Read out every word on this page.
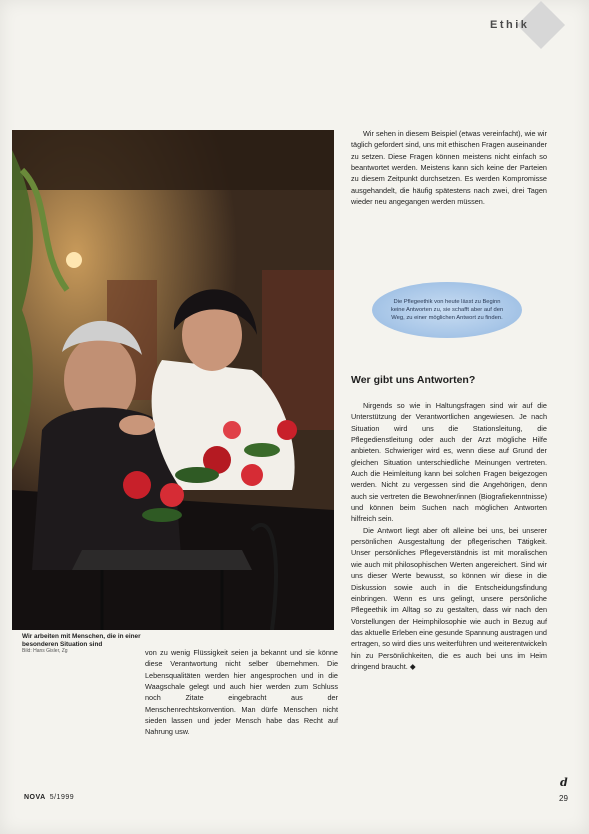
Ethik
Wir arbeiten mit Menschen, die in einer besonderen Situation sind
Bild: Hans Gisler, Zg

Wir sehen in diesem Beispiel (etwas vereinfacht), wie wir täglich gefordert sind, uns mit ethischen Fragen auseinander zu setzen. Diese Fragen können meistens nicht einfach so beantwortet werden. Meistens kann sich keine der Parteien zu diesem Zeitpunkt durchsetzen. Es werden Kompromisse ausgehandelt, die häufig spätestens nach zwei, drei Tagen wieder neu angegangen werden müssen.

Die Pflegeethik von heute lässt zu Beginn keine Antworten zu, sie schafft aber auf den Weg, zu einer möglichen Antwort zu finden.
Wer gibt uns Antworten?

Nirgends so wie in Haltungsfragen sind wir auf die Unterstützung der Verantwortlichen angewiesen. Je nach Situation wird uns die Stationsleitung, die Pflegedienstleitung oder auch der Arzt mögliche Hilfe anbieten. Schwieriger wird es, wenn diese auf Grund der gleichen Situation unterschiedliche Meinungen vertreten. Auch die Heimleitung kann bei solchen Fragen beigezogen werden. Nicht zu vergessen sind die Angehörigen, denn auch sie vertreten die Bewohner/innen (Biografiekenntnisse) und können beim Suchen nach möglichen Antworten hilfreich sein.

Die Antwort liegt aber oft alleine bei uns, bei unserer persönlichen Ausgestaltung der pflegerischen Tätigkeit. Unser persönliches Pflegeverständnis ist mit moralischen wie auch mit philosophischen Werten angereichert. Sind wir uns dieser Werte bewusst, so können wir diese in die Diskussion sowie auch in die Entscheidungsfindung einbringen. Wenn es uns gelingt, unsere persönliche Pflegeethik im Alltag so zu gestalten, dass wir nach den Vorstellungen der Heimphilosophie wie auch in Bezug auf das aktuelle Erleben eine gesunde Spannung austragen und ertragen, so wird dies uns weiterführen und weiterentwickeln hin zu Persönlichkeiten, die es auch bei uns im Heim dringend braucht. ◆

von zu wenig Flüssigkeit seien ja bekannt und sie könne diese Verantwortung nicht selber übernehmen. Die Lebensqualitäten werden hier angesprochen und in die Waagschale gelegt und auch hier werden zum Schluss noch Zitate eingebracht aus der Menschenrechtskonvention. Man dürfe Menschen nicht sieden lassen und jeder Mensch habe das Recht auf Nahrung usw.

NOVA 5/1999
d
29
